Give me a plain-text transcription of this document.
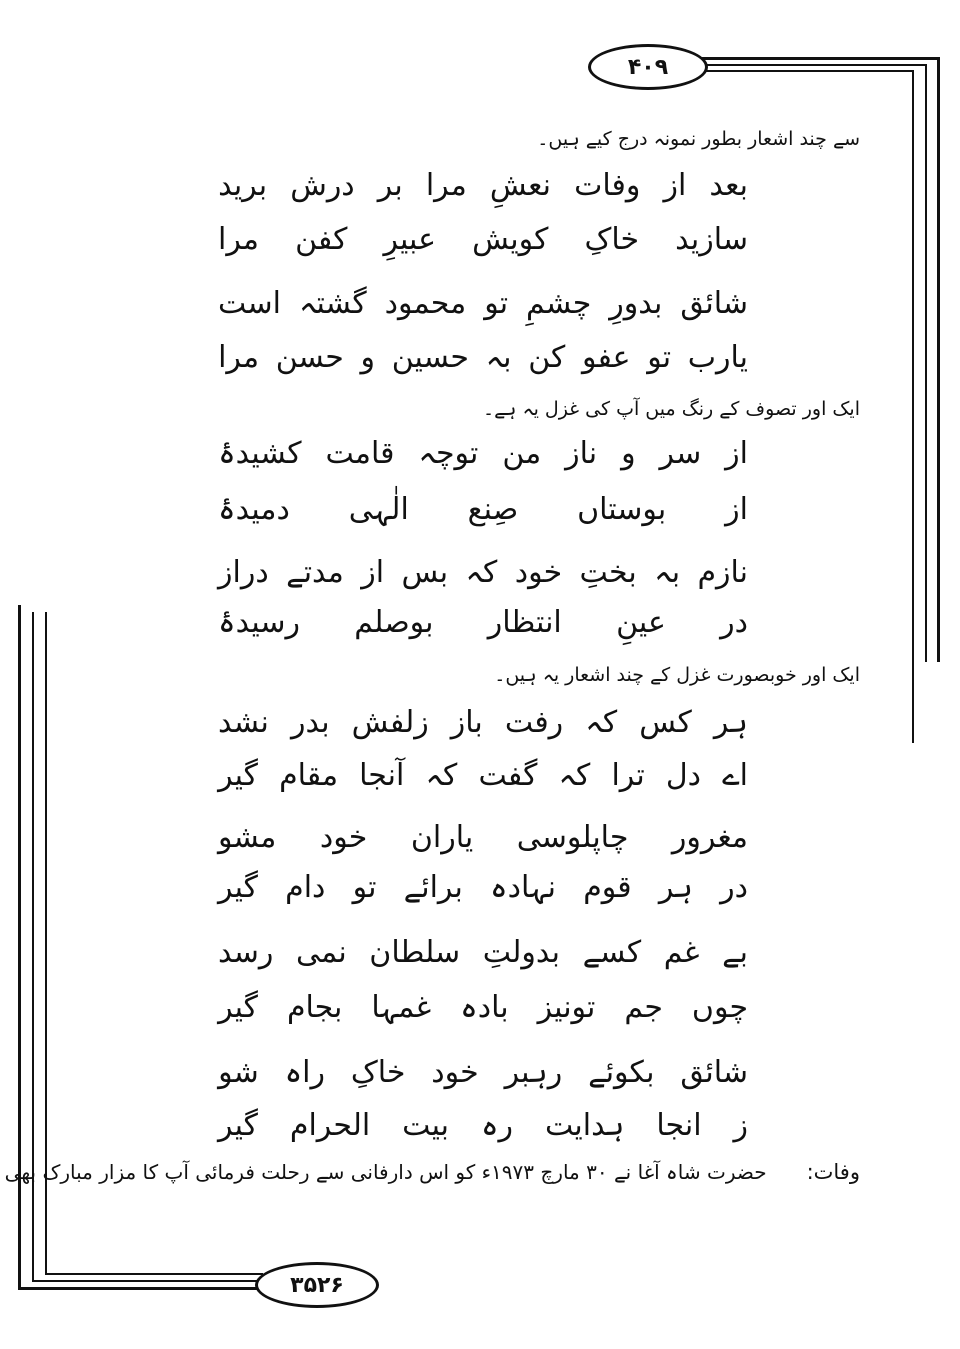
۴۰۹
۳۵۲۶
سے چند اشعار بطور نمونہ درج کیے ہیں۔
بعد
از
وفات
نعشِ
مرا
بر
درش
برید
سازید
خاکِ
کویش
عبیرِ
کفن
مرا
شائق
بدورِ
چشمِ
تو
محمود
گشتہ
است
یارب
تو
عفو
کن
بہ
حسین
و
حسن
مرا
ایک اور تصوف کے رنگ میں آپ کی غزل یہ ہے۔
از
سر
و
ناز
من
توچہ
قامت
کشیدۂ
از
بوستاں
صِنع
الٰہی
دمیدۂ
نازم
بہ
بختِ
خود
کہ
بس
از
مدتے
دراز
در
عینِ
انتظار
بوصلم
رسیدۂ
ایک اور خوبصورت غزل کے چند اشعار یہ ہیں۔
ہر
کس
کہ
رفت
باز
زلفش
بدر
نشد
اے
دل
ترا
کہ
گفت
کہ
آنجا
مقام
گیر
مغرور
چاپلوسی
یاران
خود
مشو
در
ہر
قوم
نہادہ
برائے
تو
دام
گیر
بے
غم
کسے
بدولتِ
سلطان
نمی
رسد
چوں
جم
تونیز
بادہ
غمہا
بجام
گیر
شائق
بکوئے
رہبر
خود
خاکِ
راہ
شو
ز
انجا
ہدایت
رہ
بیت
الحرام
گیر
وفات:
حضرت شاہ آغا نے ۳۰ مارچ ۱۹۷۳ء کو اس دارفانی سے رحلت فرمائی آپ کا مزار مبارک بھی
